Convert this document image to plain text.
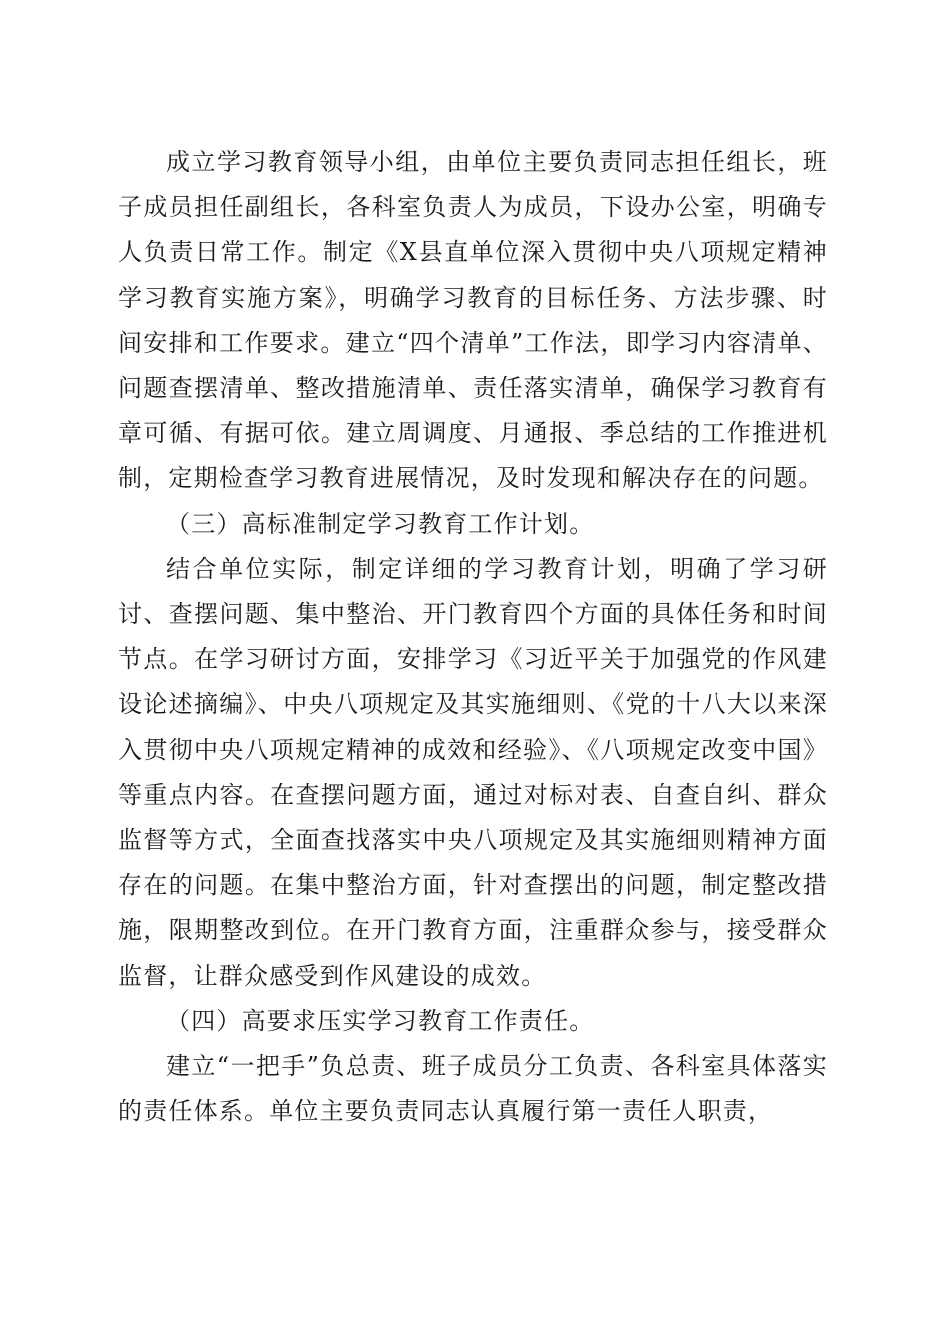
成立学习教育领导小组，由单位主要负责同志担任组长，班子成员担任副组长，各科室负责人为成员，下设办公室，明确专人负责日常工作。制定《X县直单位深入贯彻中央八项规定精神学习教育实施方案》，明确学习教育的目标任务、方法步骤、时间安排和工作要求。建立“四个清单”工作法，即学习内容清单、问题查摆清单、整改措施清单、责任落实清单，确保学习教育有章可循、有据可依。建立周调度、月通报、季总结的工作推进机制，定期检查学习教育进展情况，及时发现和解决存在的问题。

（三）高标准制定学习教育工作计划。

结合单位实际，制定详细的学习教育计划，明确了学习研讨、查摆问题、集中整治、开门教育四个方面的具体任务和时间节点。在学习研讨方面，安排学习《习近平关于加强党的作风建设论述摘编》、中央八项规定及其实施细则、《党的十八大以来深入贯彻中央八项规定精神的成效和经验》、《八项规定改变中国》等重点内容。在查摆问题方面，通过对标对表、自查自纠、群众监督等方式，全面查找落实中央八项规定及其实施细则精神方面存在的问题。在集中整治方面，针对查摆出的问题，制定整改措施，限期整改到位。在开门教育方面，注重群众参与，接受群众监督，让群众感受到作风建设的成效。

（四）高要求压实学习教育工作责任。

建立“一把手”负总责、班子成员分工负责、各科室具体落实的责任体系。单位主要负责同志认真履行第一责任人职责，
